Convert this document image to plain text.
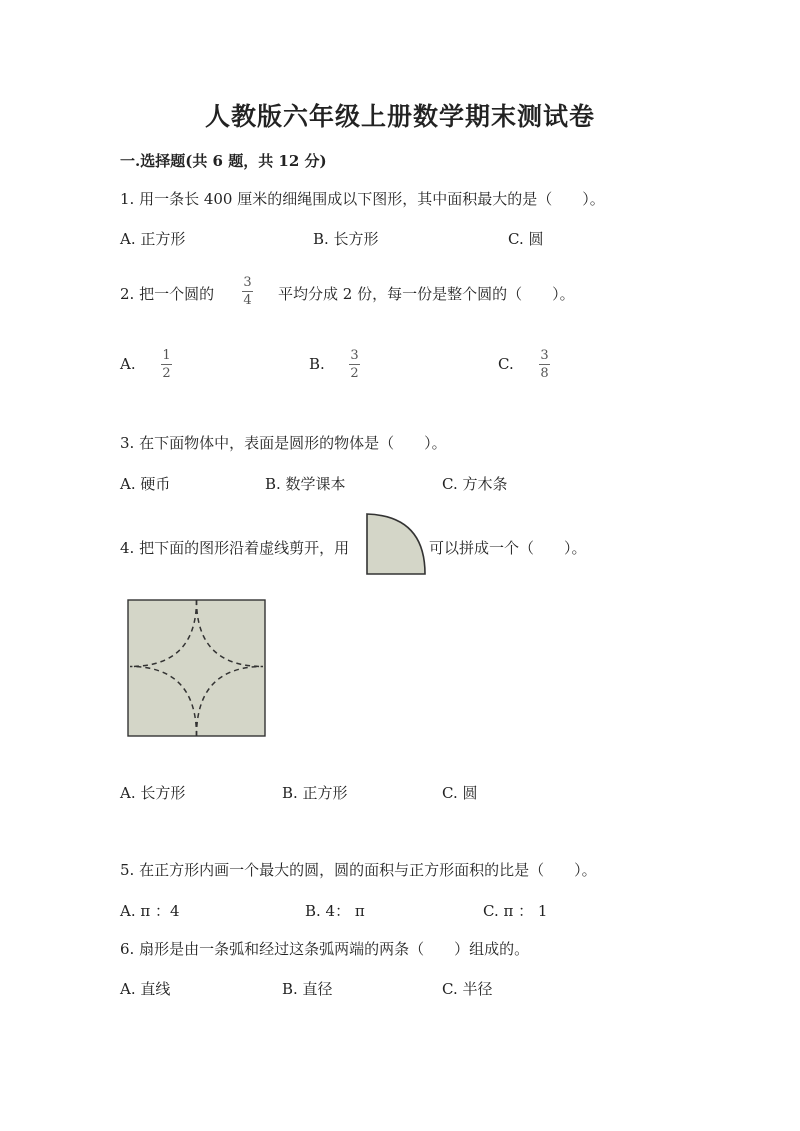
人教版六年级上册数学期末测试卷
一.选择题(共 6 题，共 12 分)
1. 用一条长 400 厘米的细绳围成以下图形，其中面积最大的是（　　）。
A. 正方形	B. 长方形	C. 圆
2. 把一个圆的
3
4 平均分成 2 份，每一份是整个圆的（　　）。
A. 1
2
B. 3
2
C. 3
8
3. 在下面物体中，表面是圆形的物体是（　　）。
A. 硬币	B. 数学课本	C. 方木条
4. 把下面的图形沿着虚线剪开，用	可以拼成一个（　　）。
A. 长方形	B. 正方形	C. 圆
5. 在正方形内画一个最大的圆，圆的面积与正方形面积的比是（　　）。
A. π ：4	B. 4： π	C. π ： 1
6. 扇形是由一条弧和经过这条弧两端的两条（　　）组成的。
A. 直线	B. 直径	C. 半径
